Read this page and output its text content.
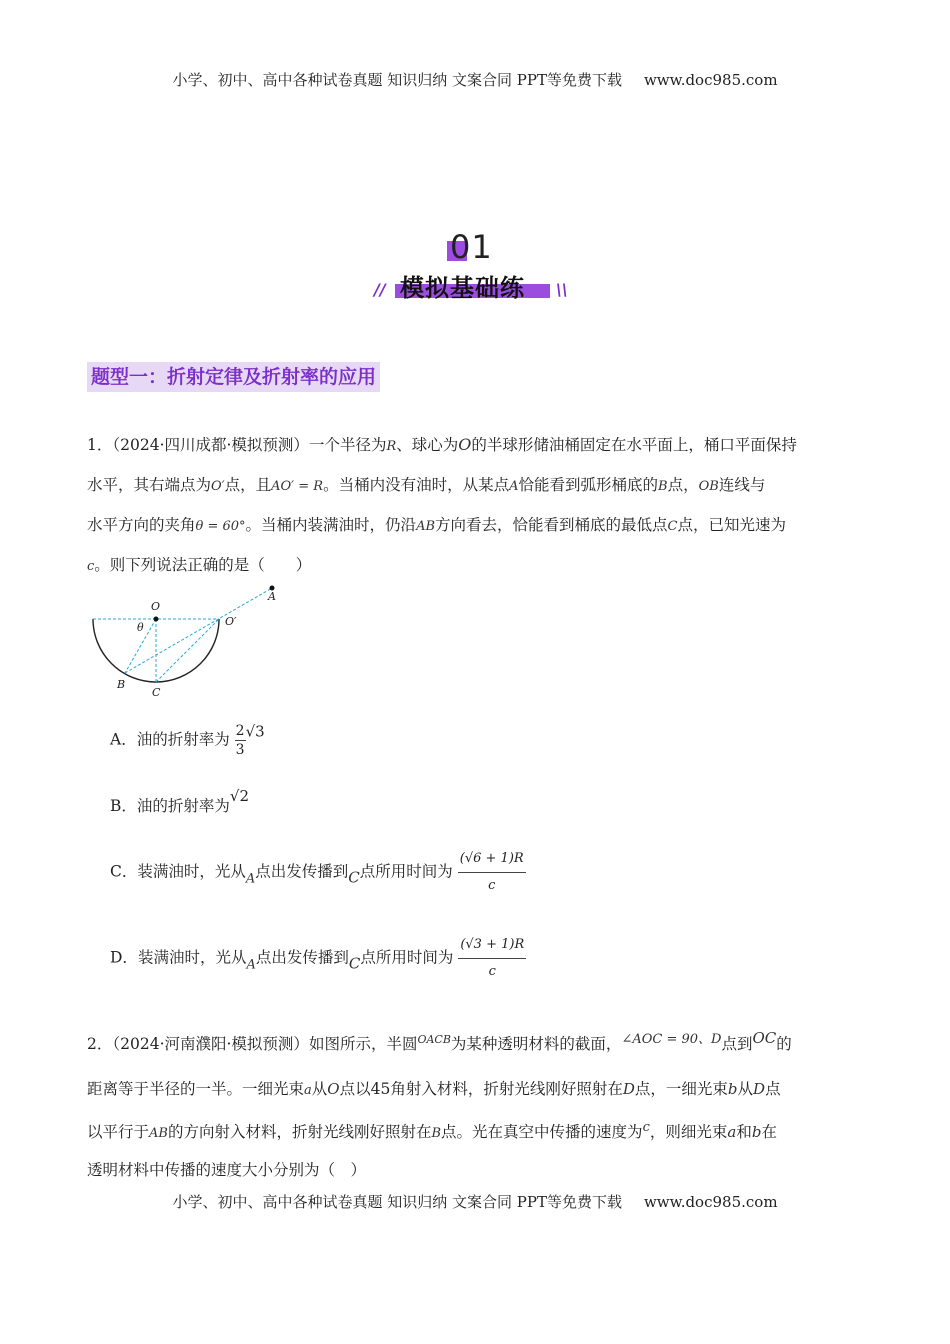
小学、初中、高中各种试卷真题 知识归纳 文案合同 PPT等免费下载 www.doc985.com
01
// 模拟基础练 \\
题型一：折射定律及折射率的应用
1．（2024·四川成都·模拟预测）一个半径为R、球心为O的半球形储油桶固定在水平面上，桶口平面保持
水平，其右端点为O′点，且AO′ = R。当桶内没有油时，从某点A恰能看到弧形桶底的B点，OB连线与
水平方向的夹角θ = 60°。当桶内装满油时，仍沿AB方向看去，恰能看到桶底的最低点C点，已知光速为
c。则下列说法正确的是（　　）
O
O′
A
B
C
θ
A．油的折射率为 $\frac{2}{3} √3$
B．油的折射率为√2
C．装满油时，光从$_A$点出发传播到C点所用时间为 $\frac{(√6 + 1)R}{c}$
D．装满油时，光从$_A$点出发传播到C点所用时间为 $\frac{(√3 + 1)R}{c}$
2．（2024·河南濮阳·模拟预测）如图所示，半圆$^{OACB}$为某种透明材料的截面，$^{\angle AOC = 90、D}$点到OC的
距离等于半径的一半。一细光束a从O点以45角射入材料，折射光线刚好照射在D点，一细光束b从D点
以平行于AB的方向射入材料，折射光线刚好照射在B点。光在真空中传播的速度为$^c$，则细光束a和b在
透明材料中传播的速度大小分别为（　）
小学、初中、高中各种试卷真题 知识归纳 文案合同 PPT等免费下载 www.doc985.com
